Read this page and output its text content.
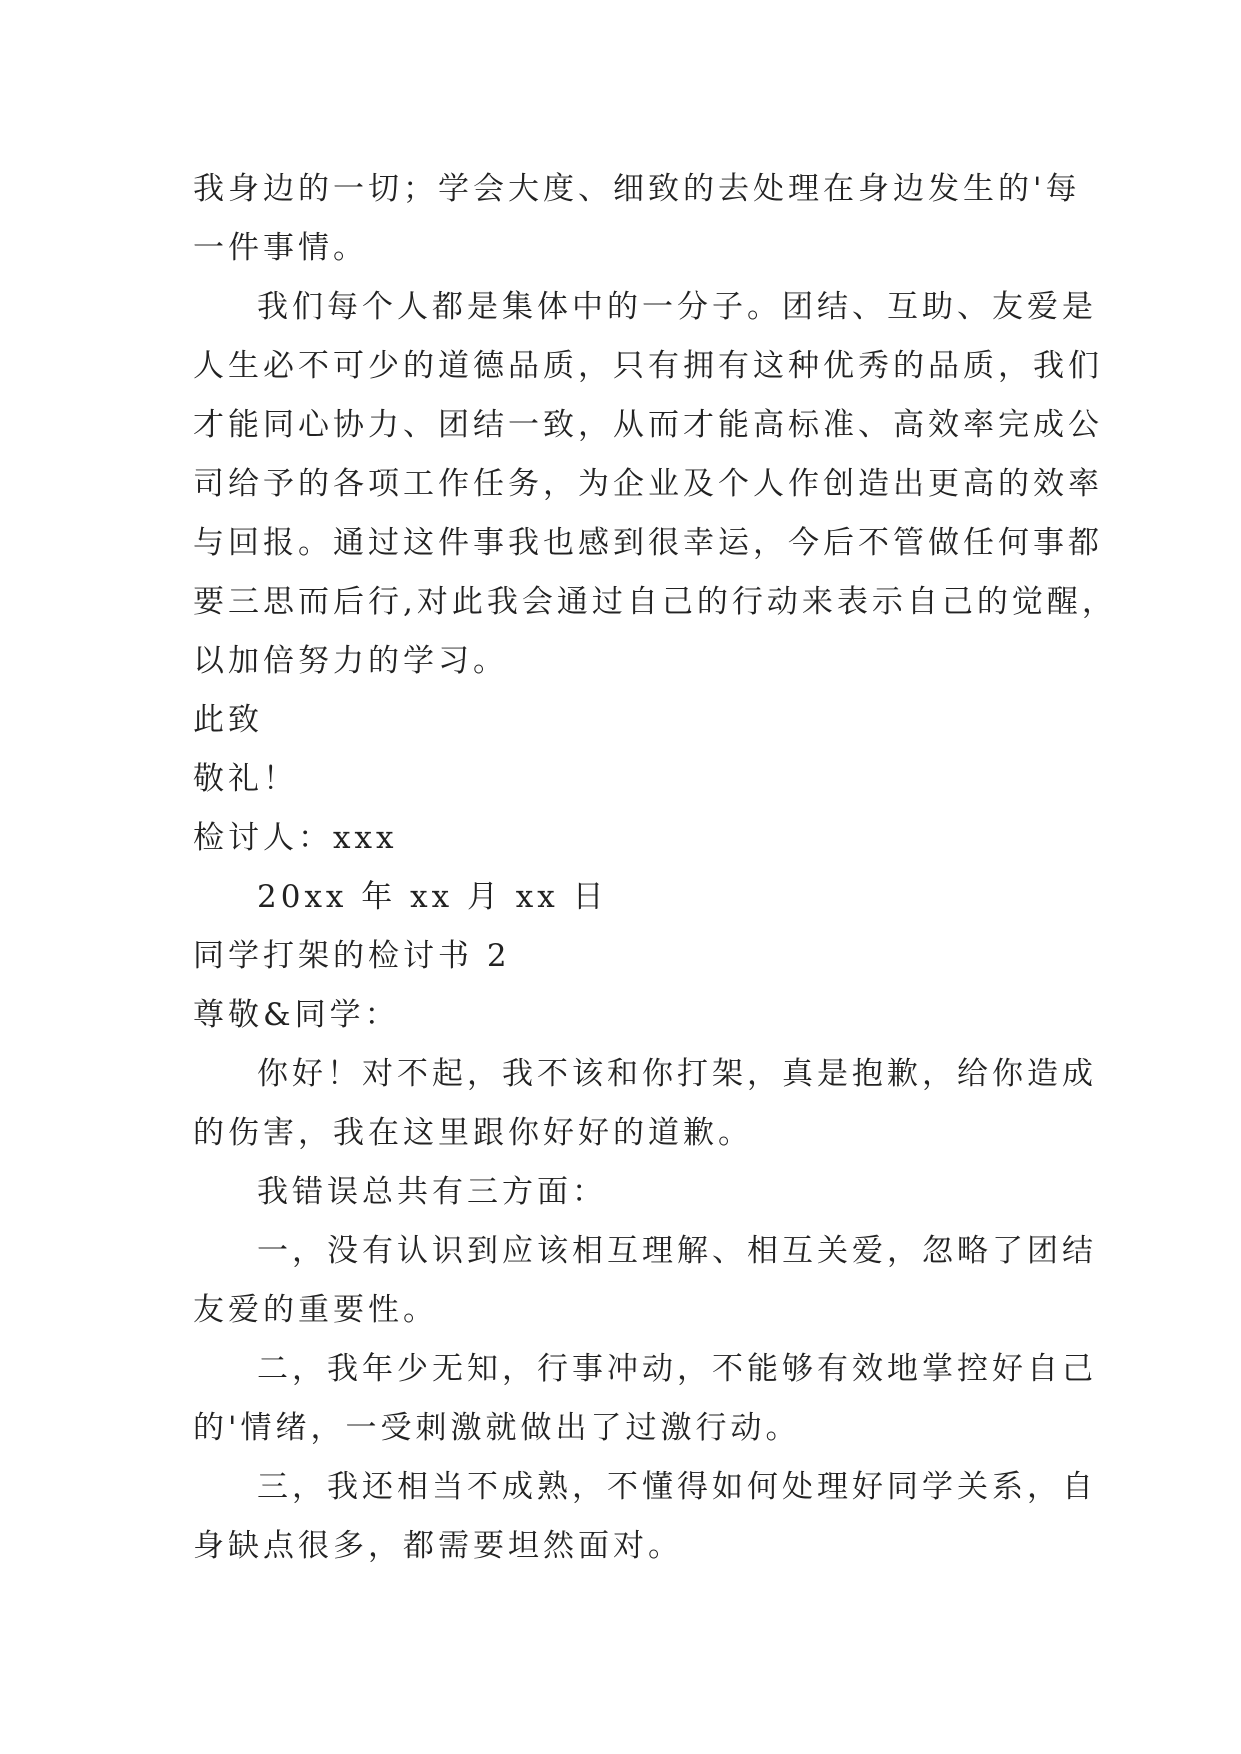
我身边的一切；学会大度、细致的去处理在身边发生的'每
一件事情。
我们每个人都是集体中的一分子。团结、互助、友爱是
人生必不可少的道德品质，只有拥有这种优秀的品质，我们
才能同心协力、团结一致，从而才能高标准、高效率完成公
司给予的各项工作任务，为企业及个人作创造出更高的效率
与回报。通过这件事我也感到很幸运，今后不管做任何事都
要三思而后行,对此我会通过自己的行动来表示自己的觉醒，
以加倍努力的学习。
此致
敬礼！
检讨人：xxx
20xx 年 xx 月 xx 日
同学打架的检讨书 2
尊敬&同学：
你好！对不起，我不该和你打架，真是抱歉，给你造成
的伤害，我在这里跟你好好的道歉。
我错误总共有三方面：
一，没有认识到应该相互理解、相互关爱，忽略了团结
友爱的重要性。
二，我年少无知，行事冲动，不能够有效地掌控好自己
的'情绪，一受刺激就做出了过激行动。
三，我还相当不成熟，不懂得如何处理好同学关系，自
身缺点很多，都需要坦然面对。
